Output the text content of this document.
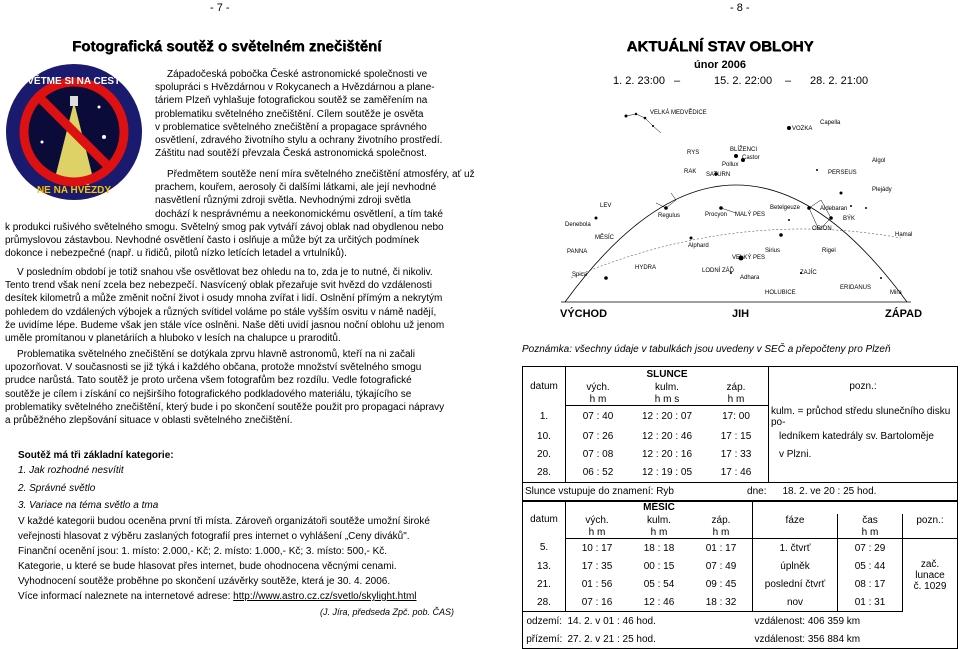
- 7 -
Fotografická soutěž o světelném znečištění
SVĚTME SI NA CESTU
NE NA HVĚZDY
Západočeská pobočka České astronomické společnosti ve
spolupráci s Hvězdárnou v Rokycanech a Hvězdárnou a plane-
táriem Plzeň vyhlašuje fotografickou soutěž se zaměřením na
problematiku světelného znečištění. Cílem soutěže je osvěta
v problematice světelného znečištění a propagace správného
osvětlení, zdravého životního stylu a ochrany životního prostředí.
Záštitu nad soutěží převzala Česká astronomická společnost.
Předmětem soutěže není míra světelného znečištění atmosféry, ať už
prachem, kouřem, aerosoly či dalšími látkami, ale její nevhodné
nasvětlení různými zdroji světla. Nevhodnými zdroji světla
dochází k nesprávnému a neekonomickému osvětlení, a tím také
k produkci rušivého světelného smogu. Světelný smog pak vytváří závoj oblak nad obydlenou nebo
průmyslovou zástavbou. Nevhodné osvětlení často i oslňuje a může být za určitých podmínek
dokonce i nebezpečné (např. u řidičů, pilotů nízko letících letadel a vrtulníků).
V posledním období je totiž snahou vše osvětlovat bez ohledu na to, zda je to nutné, či nikoliv.
Tento trend však není zcela bez nebezpečí. Nasvícený oblak přezařuje svit hvězd do vzdálenosti
desítek kilometrů a může změnit noční život i osudy mnoha zvířat i lidí. Oslnění přímým a nekrytým
pohledem do vzdálených výbojek a různých svítidel voláme po stále vyšším osvitu v námě nadějí,
že uvidíme lépe. Budeme však jen stále více oslněni. Naše děti uvidí jasnou noční oblohu už jenom
uměle promítanou v planetáriích a hluboko v lesích na chalupce u praroditů.
Problematika světelného znečištění se dotýkala zprvu hlavně astronomů, kteří na ni začali
upozorňovat. V současnosti se již týká i každého občana, protože množství světelného smogu
prudce narůstá. Tato soutěž je proto určena všem fotografům bez rozdílu. Vedle fotografické
soutěže je cílem i získání co nejširšího fotografického podkladového materiálu, týkajícího se
problematiky světelného znečištění, který bude i po skončení soutěže použit pro propagaci nápravy
a průběžného zlepšování situace v oblasti světelného znečištění.
Soutěž má tři základní kategorie:
1. Jak rozhodné nesvítit
2. Správné světlo
3. Variace na téma světlo a tma
V každé kategorii budou oceněna první tři místa. Zároveň organizátoři soutěže umožní široké
veřejnosti hlasovat z výběru zaslaných fotografií pres internet o vyhlášení „Ceny diváků".
Finanční ocenění jsou: 1. místo: 2.000,- Kč; 2. místo: 1.000,- Kč; 3. místo: 500,- Kč.
Kategorie, u které se bude hlasovat přes internet, bude ohodnocena věcnými cenami.
Vyhodnocení soutěže proběhne po skončení uzávěrky soutěže, která je 30. 4. 2006.
Více informací naleznete na internetové adrese: http://www.astro.cz.cz/svetlo/skylight.html
(J. Jíra, předseda Zpč. pob. ČAS)
- 8 -
AKTUÁLNÍ STAV OBLOHY
únor 2006
1. 2. 23:00 –	15. 2. 22:00 – 28. 2. 21:00
VELKÁ MEDVĚDICE
VOZKA
Capella
RYS	BLÍŽENCI
Castor
Pollux
RAK SATURN	PERSEUS
Algol
Plejády
BÝK
Aldebaran
Betelgeuze
ORION
Rigel
LEV
Regulus
Denebola
MĚSÍC
PANNA
Spica
HYDRA
Alphard
MALÝ PES
Procyon
VELKÝ PES
Sirius
Adhara
LODNÍ ZÁĎ
HOLUBICE
ZAJÍC
ERIDANUS
Mira
Hamal
VÝCHOD	JIH	ZÁPAD
Poznámka: všechny údaje v tabulkách jsou uvedeny v SEČ a přepočteny pro Plzeň
datum	SLUNCE			pozn.:
	vých.	kulm.	záp.	
	h m	h m s	h m	
1.	07 : 40	12 : 20 : 07	17: 00	kulm. = průchod středu slunečního disku po-
10.	07 : 26	12 : 20 : 46	17 : 15	ledníkem katedrály sv. Bartoloměje
20.	07 : 08	12 : 20 : 16	17 : 33	v Plzni.
28.	06 : 52	12 : 19 : 05	17 : 46	
Slunce vstupuje do znamení: Ryb			dne:	18. 2. ve 20 : 25 hod.
datum	MĚSÍC					
	vých.	kulm.	záp.	fáze	čas	pozn.:
	h m	h m	h m		h m	
5.	10 : 17	18 : 18	01 : 17	1. čtvrť	07 : 29	zač. lunace
č. 1029

13.	17 : 35	00 : 15	07 : 49	úplněk	05 : 44	
21.	01 : 56	05 : 54	09 : 45	poslední čtvrť	08 : 17	
28.	07 : 16	12 : 46	18 : 32	nov	01 : 31	
odzemí:	14. 2. v 01 : 46 hod.			vzdálenost: 406 359 km		
přízemí:	27. 2. v 21 : 25 hod.			vzdálenost: 356 884 km		
